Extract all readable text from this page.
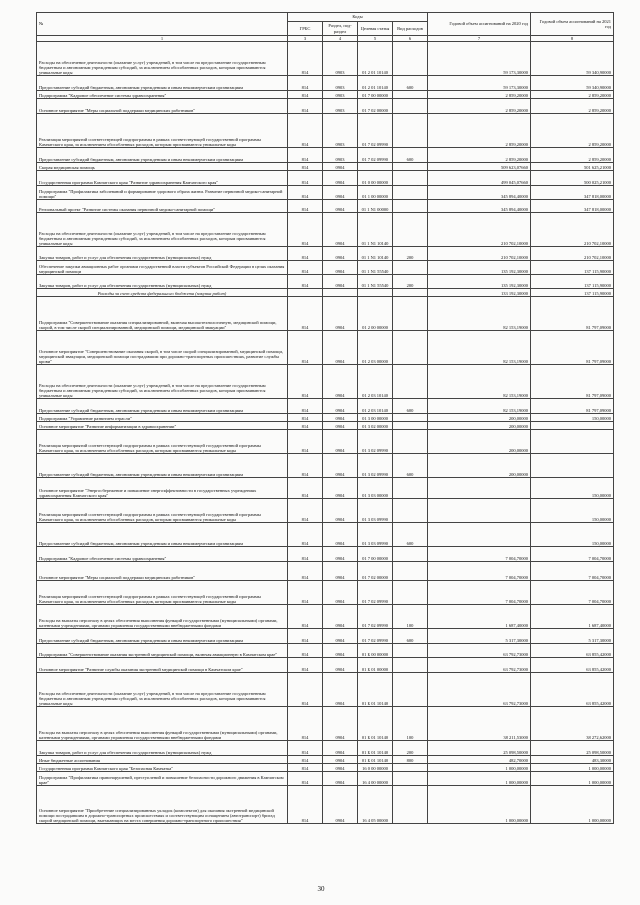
№	Коды				Годовой объем ассигнований на 2020 год	Годовой объем ассигнований на 2021 год
	ГРБС	Раздел, под-раздел	Целевая статья	Вид расходов		
1	3	4	5	6	7	8
Расходы на обеспечение деятельности (оказание услуг) учреждений, в том числе на предоставление государственным бюджетным и автономным учреждениям субсидий, за исключением обособленных расходов, которым присваиваются уникальные коды	814	0903	01 2 01 10140		59 173,30000	59 340,90000
Предоставление субсидий бюджетным, автономным учреждениям и иным некоммерческим организациям	814	0903	01 2 01 10140	600	59 173,30000	59 340,90000
Подпрограмма "Кадровое обеспечение системы здравоохранения"	814	0903	01 7 00 00000		2 859,20000	2 859,20000
Основное мероприятие "Меры социальной поддержки медицинских работников"	814	0903	01 7 02 00000		2 859,20000	2 859,20000
Реализация мероприятий соответствующей подпрограммы в рамках соответствующей государственной программы Камчатского края, за исключением обособленных расходов, которым присваиваются уникальные коды	814	0903	01 7 02 09990		2 859,20000	2 859,20000
Предоставление субсидий бюджетным, автономным учреждениям и иным некоммерческим организациям	814	0903	01 7 02 09990	600	2 859,20000	2 859,20000
Скорая медицинская помощь	814	0904			509 623,07660	501 625,21000
Государственная программа Камчатского края "Развитие здравоохранения Камчатского края"	814	0904	01 0 00 00000		499 045,07660	500 025,21000
Подпрограмма "Профилактика заболеваний и формирование здорового образа жизни. Развитие первичной медико-санитарной помощи"	814	0904	01 1 00 00000		345 894,40000	347 818,00000
Региональный проект "Развитие системы оказания первичной медико-санитарной помощи"	814	0904	01 1 N1 00000		345 894,40000	347 818,00000
Расходы на обеспечение деятельности (оказание услуг) учреждений, в том числе на предоставление государственным бюджетным и автономным учреждениям субсидий, за исключением обособленных расходов, которым присваиваются уникальные коды	814	0904	01 1 N1 10140		210 702,10000	210 702,10000
Закупка товаров, работ и услуг для обеспечения государственных (муниципальных) нужд	814	0904	01 1 N1 10140	200	210 702,10000	210 702,10000
Обеспечение закупки авиационных работ органами государственной власти субъектов Российской Федерации в целях оказания медицинской помощи	814	0904	01 1 N1 55540		135 192,30000	137 115,90000
Закупка товаров, работ и услуг для обеспечения государственных (муниципальных) нужд	814	0904	01 1 N1 55540	200	135 192,30000	137 115,90000
Расходы за счет средств федерального бюджета (закупка работ)					133 192,30000	137 115,90000
Подпрограмма "Совершенствование оказания специализированной, включая высокотехнологичную, медицинской помощи, скорой, в том числе скорой специализированной, медицинской помощи, медицинской эвакуации"	814	0904	01 2 00 00000		82 153,19000	81 797,09000
Основное мероприятие "Совершенствование оказания скорой, в том числе скорой специализированной, медицинской помощи, медицинской эвакуации, медицинской помощи пострадавшим при дорожно-транспортных происшествиях, развитие службы крови"	814	0904	01 2 03 00000		82 153,19000	81 797,09000
Расходы на обеспечение деятельности (оказание услуг) учреждений, в том числе на предоставление государственным бюджетным и автономным учреждениям субсидий, за исключением обособленных расходов, которым присваиваются уникальные коды	814	0904	01 2 03 10140		82 153,19000	81 797,09000
Предоставление субсидий бюджетным, автономным учреждениям и иным некоммерческим организациям	814	0904	01 2 03 10140	600	82 153,19000	81 797,09000
Подпрограмма "Управление развитием отрасли"	814	0904	01 3 00 00000		200,00000	150,00000
Основное мероприятие "Развитие информатизации в здравоохранении"	814	0904	01 3 02 00000		200,00000	
Реализация мероприятий соответствующей подпрограммы в рамках соответствующей государственной программы Камчатского края, за исключением обособленных расходов, которым присваиваются уникальные коды	814	0904	01 3 02 09990		200,00000	
Предоставление субсидий бюджетным, автономным учреждениям и иным некоммерческим организациям	814	0904	01 3 02 09990	600	200,00000	
Основное мероприятие "Энергосбережение и повышение энергоэффективности в государственных учреждениях здравоохранения Камчатского края"	814	0904	01 3 03 00000			150,00000
Реализация мероприятий соответствующей подпрограммы в рамках соответствующей государственной программы Камчатского края, за исключением обособленных расходов, которым присваиваются уникальные коды	814	0904	01 3 03 09990			150,00000
Предоставление субсидий бюджетным, автономным учреждениям и иным некоммерческим организациям	814	0904	01 3 03 09990	600		150,00000
Подпрограмма "Кадровое обеспечение системы здравоохранения"	814	0904	01 7 00 00000		7 004,70000	7 004,70000
Основное мероприятие "Меры социальной поддержки медицинских работников"	814	0904	01 7 02 00000		7 004,70000	7 004,70000
Реализация мероприятий соответствующей подпрограммы в рамках соответствующей государственной программы Камчатского края, за исключением обособленных расходов, которым присваиваются уникальные коды	814	0904	01 7 02 09990		7 004,70000	7 004,70000
Расходы на выплаты персоналу в целях обеспечения выполнения функций государственными (муниципальными) органами, казенными учреждениями, органами управления государственными внебюджетными фондами	814	0904	01 7 02 09990	100	1 687,40000	1 687,40000
Предоставление субсидий бюджетным, автономным учреждениям и иным некоммерческим организациям	814	0904	01 7 02 09990	600	5 317,30000	5 317,30000
Подпрограмма "Совершенствование оказания экстренной медицинской помощи, включая авиационную в Камчатском крае"	814	0904	01 Б 00 00000		63 792,73000	63 855,42000
Основное мероприятие "Развитие службы оказания экстренной медицинской помощи в Камчатском крае"	814	0904	01 Б 01 00000		63 792,73000	63 855,42000
Расходы на обеспечение деятельности (оказание услуг) учреждений, в том числе на предоставление государственным бюджетным и автономным учреждениям субсидий, за исключением обособленных расходов, которым присваиваются уникальные коды	814	0904	01 Б 01 10140		63 792,73000	63 855,42000
Расходы на выплаты персоналу в целях обеспечения выполнения функций государственными (муниципальными) органами, казенными учреждениями, органами управления государственными внебюджетными фондами	814	0904	01 Б 01 10140	100	38 211,53000	38 272,62000
Закупка товаров, работ и услуг для обеспечения государственных (муниципальных) нужд	814	0904	01 Б 01 10140	200	25 098,50000	25 098,50000
Иные бюджетные ассигнования	814	0904	01 Б 01 10140	800	482,70000	483,30000
Государственная программа Камчатского края "Безопасная Камчатка"	814	0904	16 0 00 00000		1 000,00000	1 000,00000
Подпрограмма "Профилактика правонарушений, преступлений и повышение безопасности дорожного движения в Камчатском крае"	814	0904	16 4 00 00000		1 000,00000	1 000,00000
Основное мероприятие "Приобретение специализированных укладок (комплектов) для оказания экстренной медицинской помощи пострадавшим в дорожно-транспортных происшествиях и соответствующим оснащением (автотранспорт) бригад скорой медицинской помощи, выезжающих на места совершения дорожно-транспортного происшествия"	814	0904	16 4 05 00000		1 000,00000	1 000,00000
30
